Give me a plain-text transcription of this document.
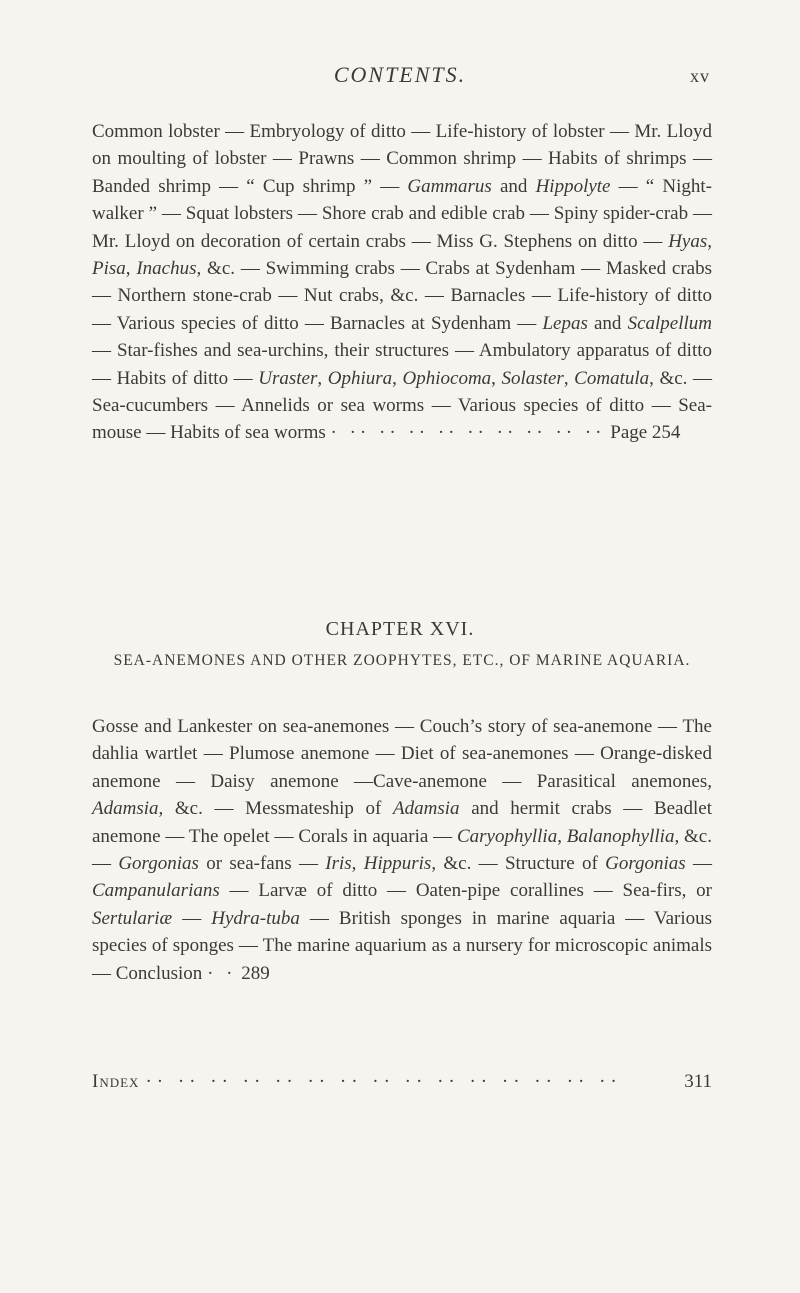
CONTENTS.	xv
Common lobster — Embryology of ditto — Life-history of lobster — Mr. Lloyd on moulting of lobster — Prawns — Common shrimp — Habits of shrimps — Banded shrimp — “ Cup shrimp ” — Gammarus and Hippolyte — “ Night-walker ” — Squat lobsters — Shore crab and edible crab — Spiny spider-crab — Mr. Lloyd on decoration of certain crabs — Miss G. Stephens on ditto — Hyas, Pisa, Inachus, &c. — Swimming crabs — Crabs at Sydenham — Masked crabs — Northern stone-crab — Nut crabs, &c. — Barnacles — Life-history of ditto — Various species of ditto — Barnacles at Sydenham — Lepas and Scalpellum — Star-fishes and sea-urchins, their structures — Ambulatory apparatus of ditto — Habits of ditto — Uraster, Ophiura, Ophiocoma, Solaster, Comatula, &c. — Sea-cucumbers — Annelids or sea worms — Various species of ditto — Sea-mouse — Habits of sea worms · ·· ·· ·· ·· ·· ·· ·· ·· ·· Page 254
CHAPTER XVI.
SEA-ANEMONES AND OTHER ZOOPHYTES, ETC., OF MARINE AQUARIA.
Gosse and Lankester on sea-anemones — Couch’s story of sea-anemone — The dahlia wartlet — Plumose anemone — Diet of sea-anemones — Orange-disked anemone — Daisy anemone —Cave-anemone — Parasitical anemones, Adamsia, &c. — Messmateship of Adamsia and hermit crabs — Beadlet anemone — The opelet — Corals in aquaria — Caryophyllia, Balanophyllia, &c. — Gorgonias or sea-fans — Iris, Hippuris, &c. — Structure of Gorgonias — Campanularians — Larvæ of ditto — Oaten-pipe corallines — Sea-firs, or Sertulariæ — Hydra-tuba — British sponges in marine aquaria — Various species of sponges — The marine aquarium as a nursery for microscopic animals — Conclusion · · 289
Index ·· ·· ·· ·· ·· ·· ·· ·· ·· ·· ·· ·· ·· ·· ··	311
